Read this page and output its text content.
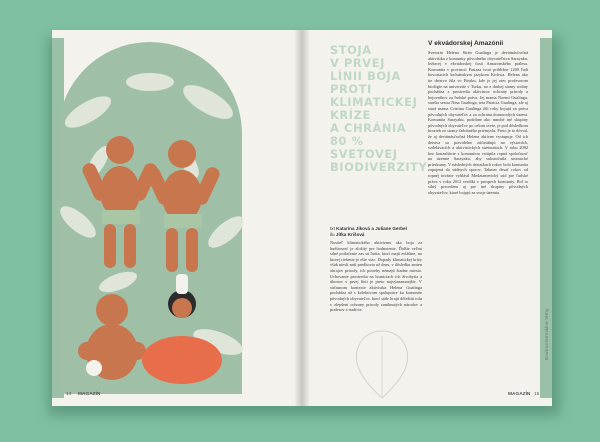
14 MAGAZÍN
STOJA
V PRVEJ
LÍNII BOJA
PROTI
KLIMATICKEJ
KRÍZE
A CHRÁNIA
80 %
SVETOVEJ
BIODIVERZITY
txt Katarína Jíková a Juliane Gerbel
ilu Jitka Krišová
Nositeľ klimatického aktivizmu ako boja za budúcnosť je zložitý pre hodnotenie. Ďalšie veľmi silné potlačenie zas sú ľudia, ktorí majú zvláštne, no ktorej riešenie je ešte viac. Dopady klimatickej krízy však niesli naši predkovia už dnes, v dôsledku zmien okrajov prírody, ich potreby nemajú žiadne miesto. Uchovanie prostredia na hraniciach ich živobytia a úkonov v prvej línii je preto najvýznamnejšie. V súčasnom kontexte aktivistka Helena Gualinga pochádza už s kolektívom spolupráce ku komunite pôvodných obyvateľov, ktorí stále hrajú dôležitú rolu v zlepšení ochrany prírody zaniknutých národov a pralesov a tradície.
V ekvádorskej Amazónii
Svetozár Helena Sirén Gualinga je devätnásťročná aktivistka z komunity pôvodného obyvateľstva Sarayaku, ležiacej v ekvádorskej časti Amazonského pralesa. Komunita v provincii Pastaza tvorí približne 1200 ľudí hovoriacich kečuánskym jazykom Kichwa. Helena ako tie detstvo žila vo Fínsku, kde je jej otec profesorom biológie na univerzite v Turku, no z druhej strany rodiny pochádza z prostredia aktivistov ochrany prírody a bojovníkov za ľudské práva. Jej mama Noemí Gualinga, staršia sestra Nina Gualinga, teta Patricia Gualinga, ale aj stará mama Cristina Gualinga žili roky bojujú za práva pôvodných obyvateľov a za ochranu domorodých území. Komunita Sarayaku, podobne ako mnohé iné skupiny pôvodných obyvateľov po celom svete, je pod dôsledkom hrozieb zo strany ťažobného priemyslu. Preto je to dôvod, že aj devätnásťročná Helena aktívne vystupuje. Od ich detstva sa pravidelne zúčastňujú na výstavách, vzdelávacích a aktivistických stretnutiach. V roku 2002 bez konzultácie s komunitou vstúpila ropná spoločnosť na územie Sarayaku, aby uskutočnila seizmické prieskumy. V následných desiatkach rokov bola komunita zapojená do súdnych sporov. Takmer desať rokov od ropnej invázie vyhlásil Medziamerický súd pre ľudské práva v roku 2012 verdikt v prospech komunity. Bol to silný precedens aj pre iné skupiny pôvodných obyvateľov, ktoré bojujú za svoje územia.
Environmentálne témy
15
MAGAZÍN
